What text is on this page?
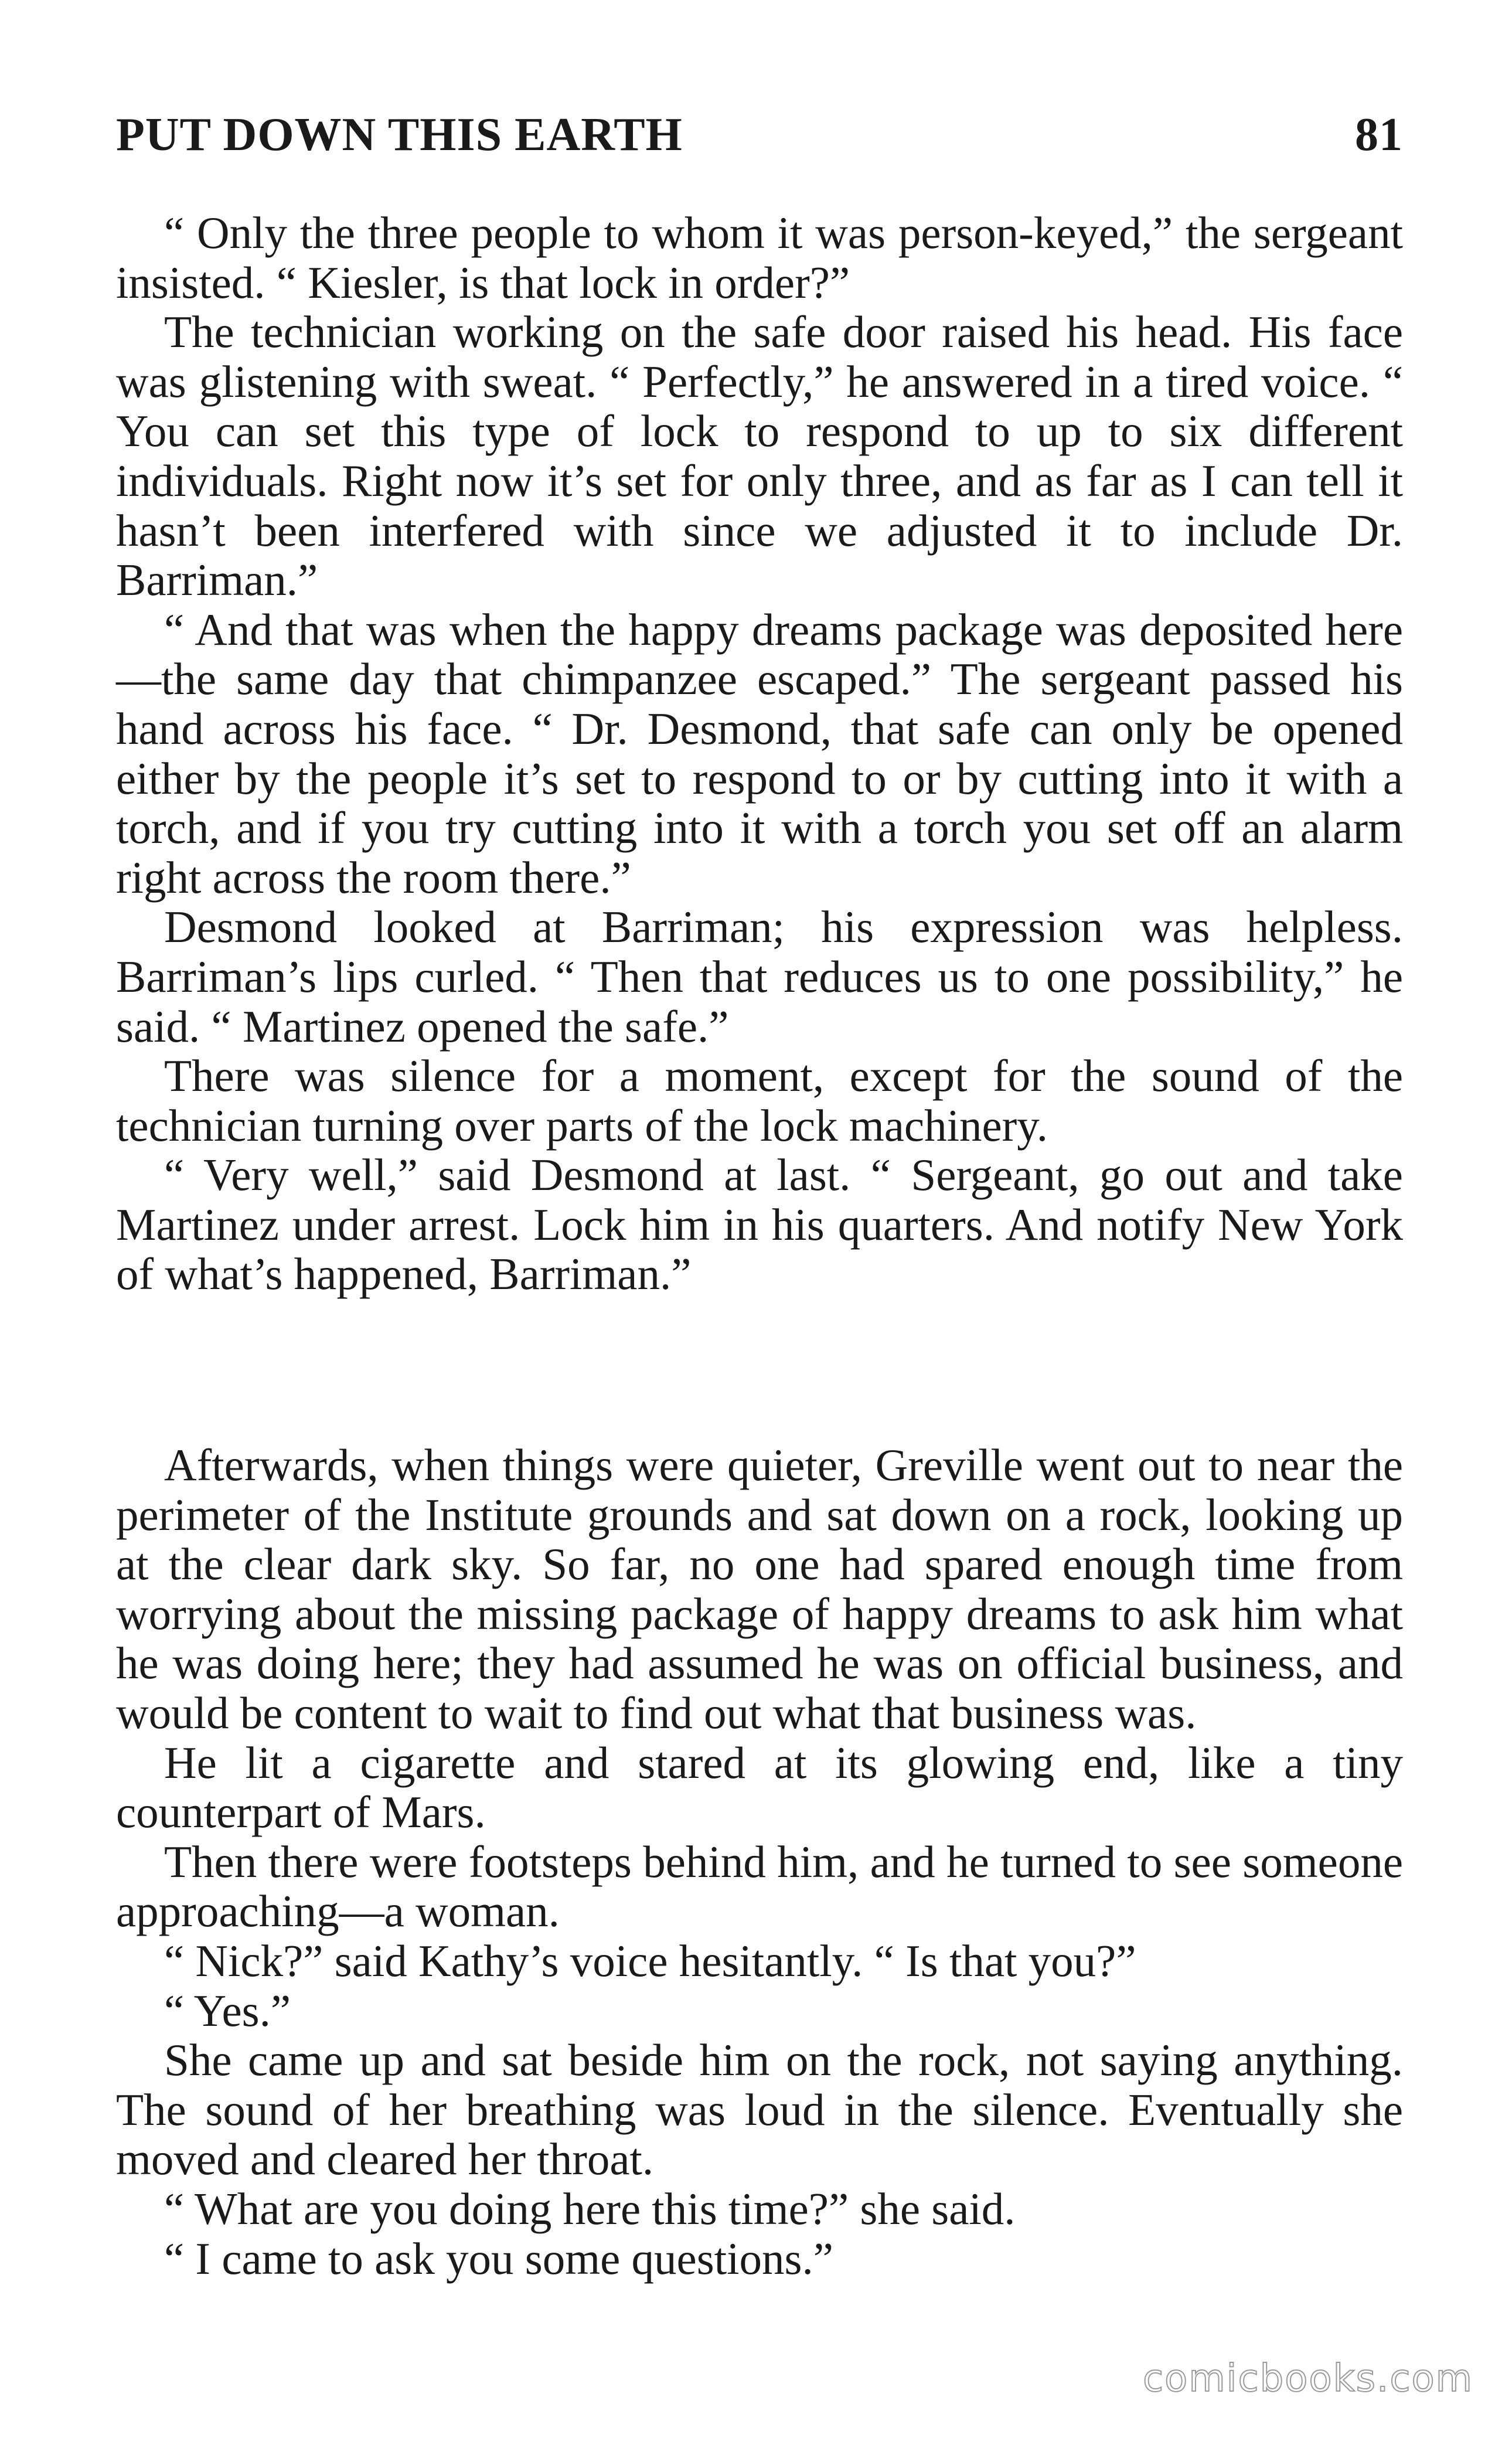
PUT DOWN THIS EARTH	81

“ Only the three people to whom it was person-keyed,” the sergeant insisted. “ Kiesler, is that lock in order?”

The technician working on the safe door raised his head. His face was glistening with sweat. “ Perfectly,” he answered in a tired voice. “ You can set this type of lock to respond to up to six different individuals. Right now it’s set for only three, and as far as I can tell it hasn’t been interfered with since we adjusted it to include Dr. Barriman.”

“ And that was when the happy dreams package was deposited here—the same day that chimpanzee escaped.” The sergeant passed his hand across his face. “ Dr. Desmond, that safe can only be opened either by the people it’s set to respond to or by cutting into it with a torch, and if you try cutting into it with a torch you set off an alarm right across the room there.”

Desmond looked at Barriman; his expression was helpless. Barriman’s lips curled. “ Then that reduces us to one possibility,” he said. “ Martinez opened the safe.”

There was silence for a moment, except for the sound of the technician turning over parts of the lock machinery.

“ Very well,” said Desmond at last. “ Sergeant, go out and take Martinez under arrest. Lock him in his quarters. And notify New York of what’s happened, Barriman.”

Afterwards, when things were quieter, Greville went out to near the perimeter of the Institute grounds and sat down on a rock, looking up at the clear dark sky. So far, no one had spared enough time from worrying about the missing package of happy dreams to ask him what he was doing here; they had assumed he was on official business, and would be content to wait to find out what that business was.

He lit a cigarette and stared at its glowing end, like a tiny counterpart of Mars.

Then there were footsteps behind him, and he turned to see someone approaching—a woman.

“ Nick?” said Kathy’s voice hesitantly. “ Is that you?”

“ Yes.”

She came up and sat beside him on the rock, not saying anything. The sound of her breathing was loud in the silence. Eventually she moved and cleared her throat.

“ What are you doing here this time?” she said.

“ I came to ask you some questions.”

comicbooks.com
